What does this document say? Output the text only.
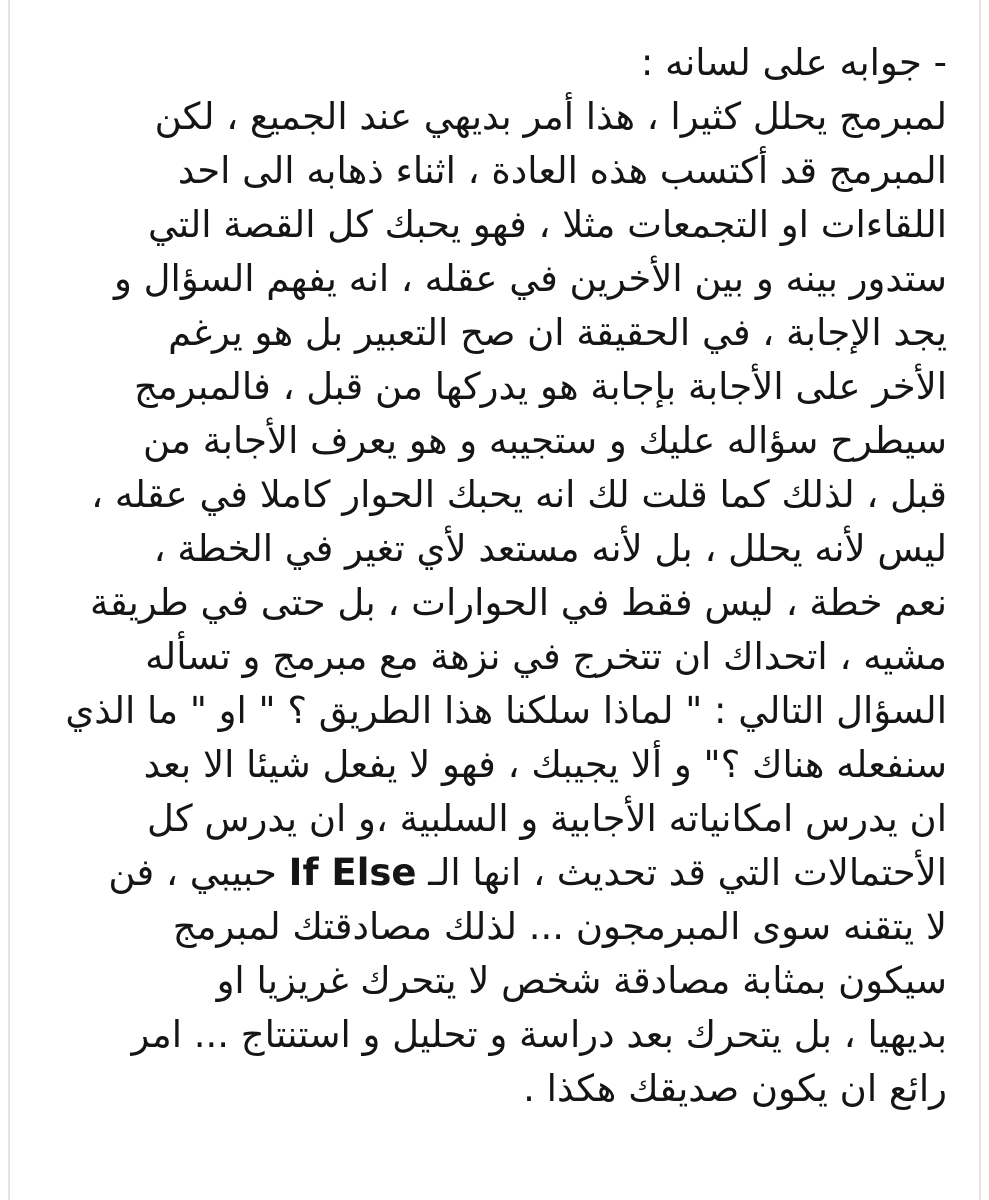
- جوابه على لسانه :
لمبرمج يحلل كثيرا ، هذا أمر بديهي عند الجميع ، لكن
المبرمج قد أكتسب هذه العادة ، اثناء ذهابه الى احد
اللقاءات او التجمعات مثلا ، فهو يحبك كل القصة التي
ستدور بينه و بين الأخرين في عقله ، انه يفهم السؤال و
يجد الإجابة ، في الحقيقة ان صح التعبير بل هو يرغم
الأخر على الأجابة بإجابة هو يدركها من قبل ، فالمبرمج
سيطرح سؤاله عليك و ستجيبه و هو يعرف الأجابة من
قبل ، لذلك كما قلت لك انه يحبك الحوار كاملا في عقله ،
ليس لأنه يحلل ، بل لأنه مستعد لأي تغير في الخطة ،
نعم خطة ، ليس فقط في الحوارات ، بل حتى في طريقة
مشيه ، اتحداك ان تتخرج في نزهة مع مبرمج و تسأله
السؤال التالي : " لماذا سلكنا هذا الطريق ؟ " او " ما الذي
سنفعله هناك ؟" و ألا يجيبك ، فهو لا يفعل شيئا الا بعد
ان يدرس امكانياته الأجابية و السلبية ،و ان يدرس كل
الأحتمالات التي قد تحديث ، انها الـ If Else حبيبي ، فن
لا يتقنه سوى المبرمجون ... لذلك مصادقتك لمبرمج
سيكون بمثابة مصادقة شخص لا يتحرك غريزيا او
بديهيا ، بل يتحرك بعد دراسة و تحليل و استنتاج ... امر
رائع ان يكون صديقك هكذا .
